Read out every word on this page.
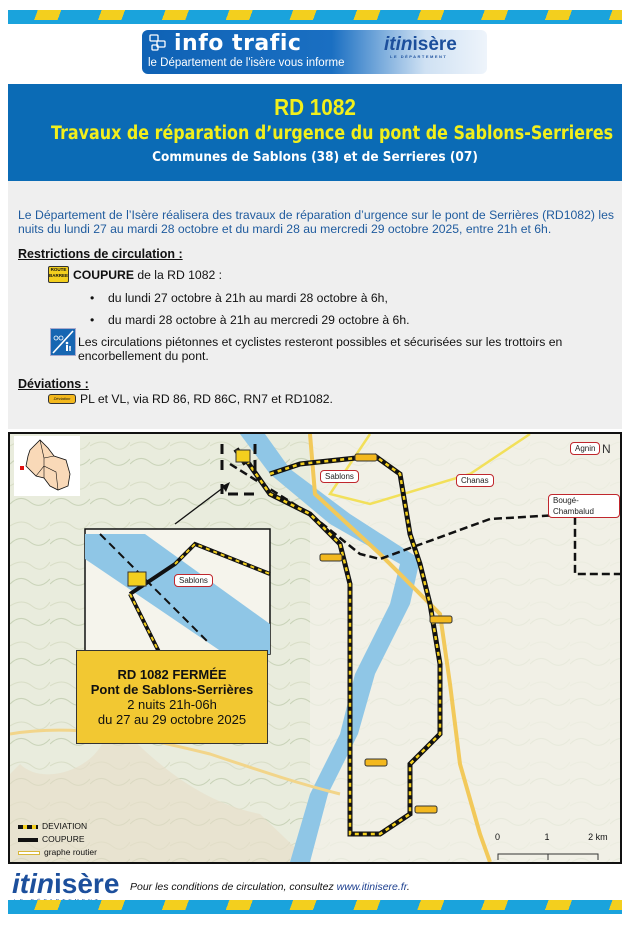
info trafic
le Département de l'isère vous informe
itinisère
LE DÉPARTEMENT
RD 1082
Travaux de réparation d’urgence du pont de Sablons-Serrieres
Communes de Sablons (38) et de Serrieres (07)
Le Département de l’Isère réalisera des travaux de réparation d’urgence sur le pont de Serrières (RD1082) les nuits du lundi 27 au mardi 28 octobre et du mardi 28 au mercredi 29 octobre 2025, entre 21h et 6h.
Restrictions de circulation :
ROUTE
BARREE COUPURE de la RD 1082 :
• du lundi 27 octobre à 21h au mardi 28 octobre à 6h,
• du mardi 28 octobre à 21h au mercredi 29 octobre à 6h.
Les circulations piétonnes et cyclistes resteront possibles et sécurisées sur les trottoirs en encorbellement du pont.
Déviations :
Déviation PL et VL, via RD 86, RD 86C, RN7 et RD1082.
Agnin
Sablons	Chanas
Bougé-Chambalud
Sablons
N
RD 1082 FERMÉE
Pont de Sablons-Serrières
2 nuits 21h-06h
du 27 au 29 octobre 2025
DEVIATION
COUPURE
graphe routier
0	1	2 km
itinisère Pour les conditions de circulation, consultez www.itinisere.fr.
